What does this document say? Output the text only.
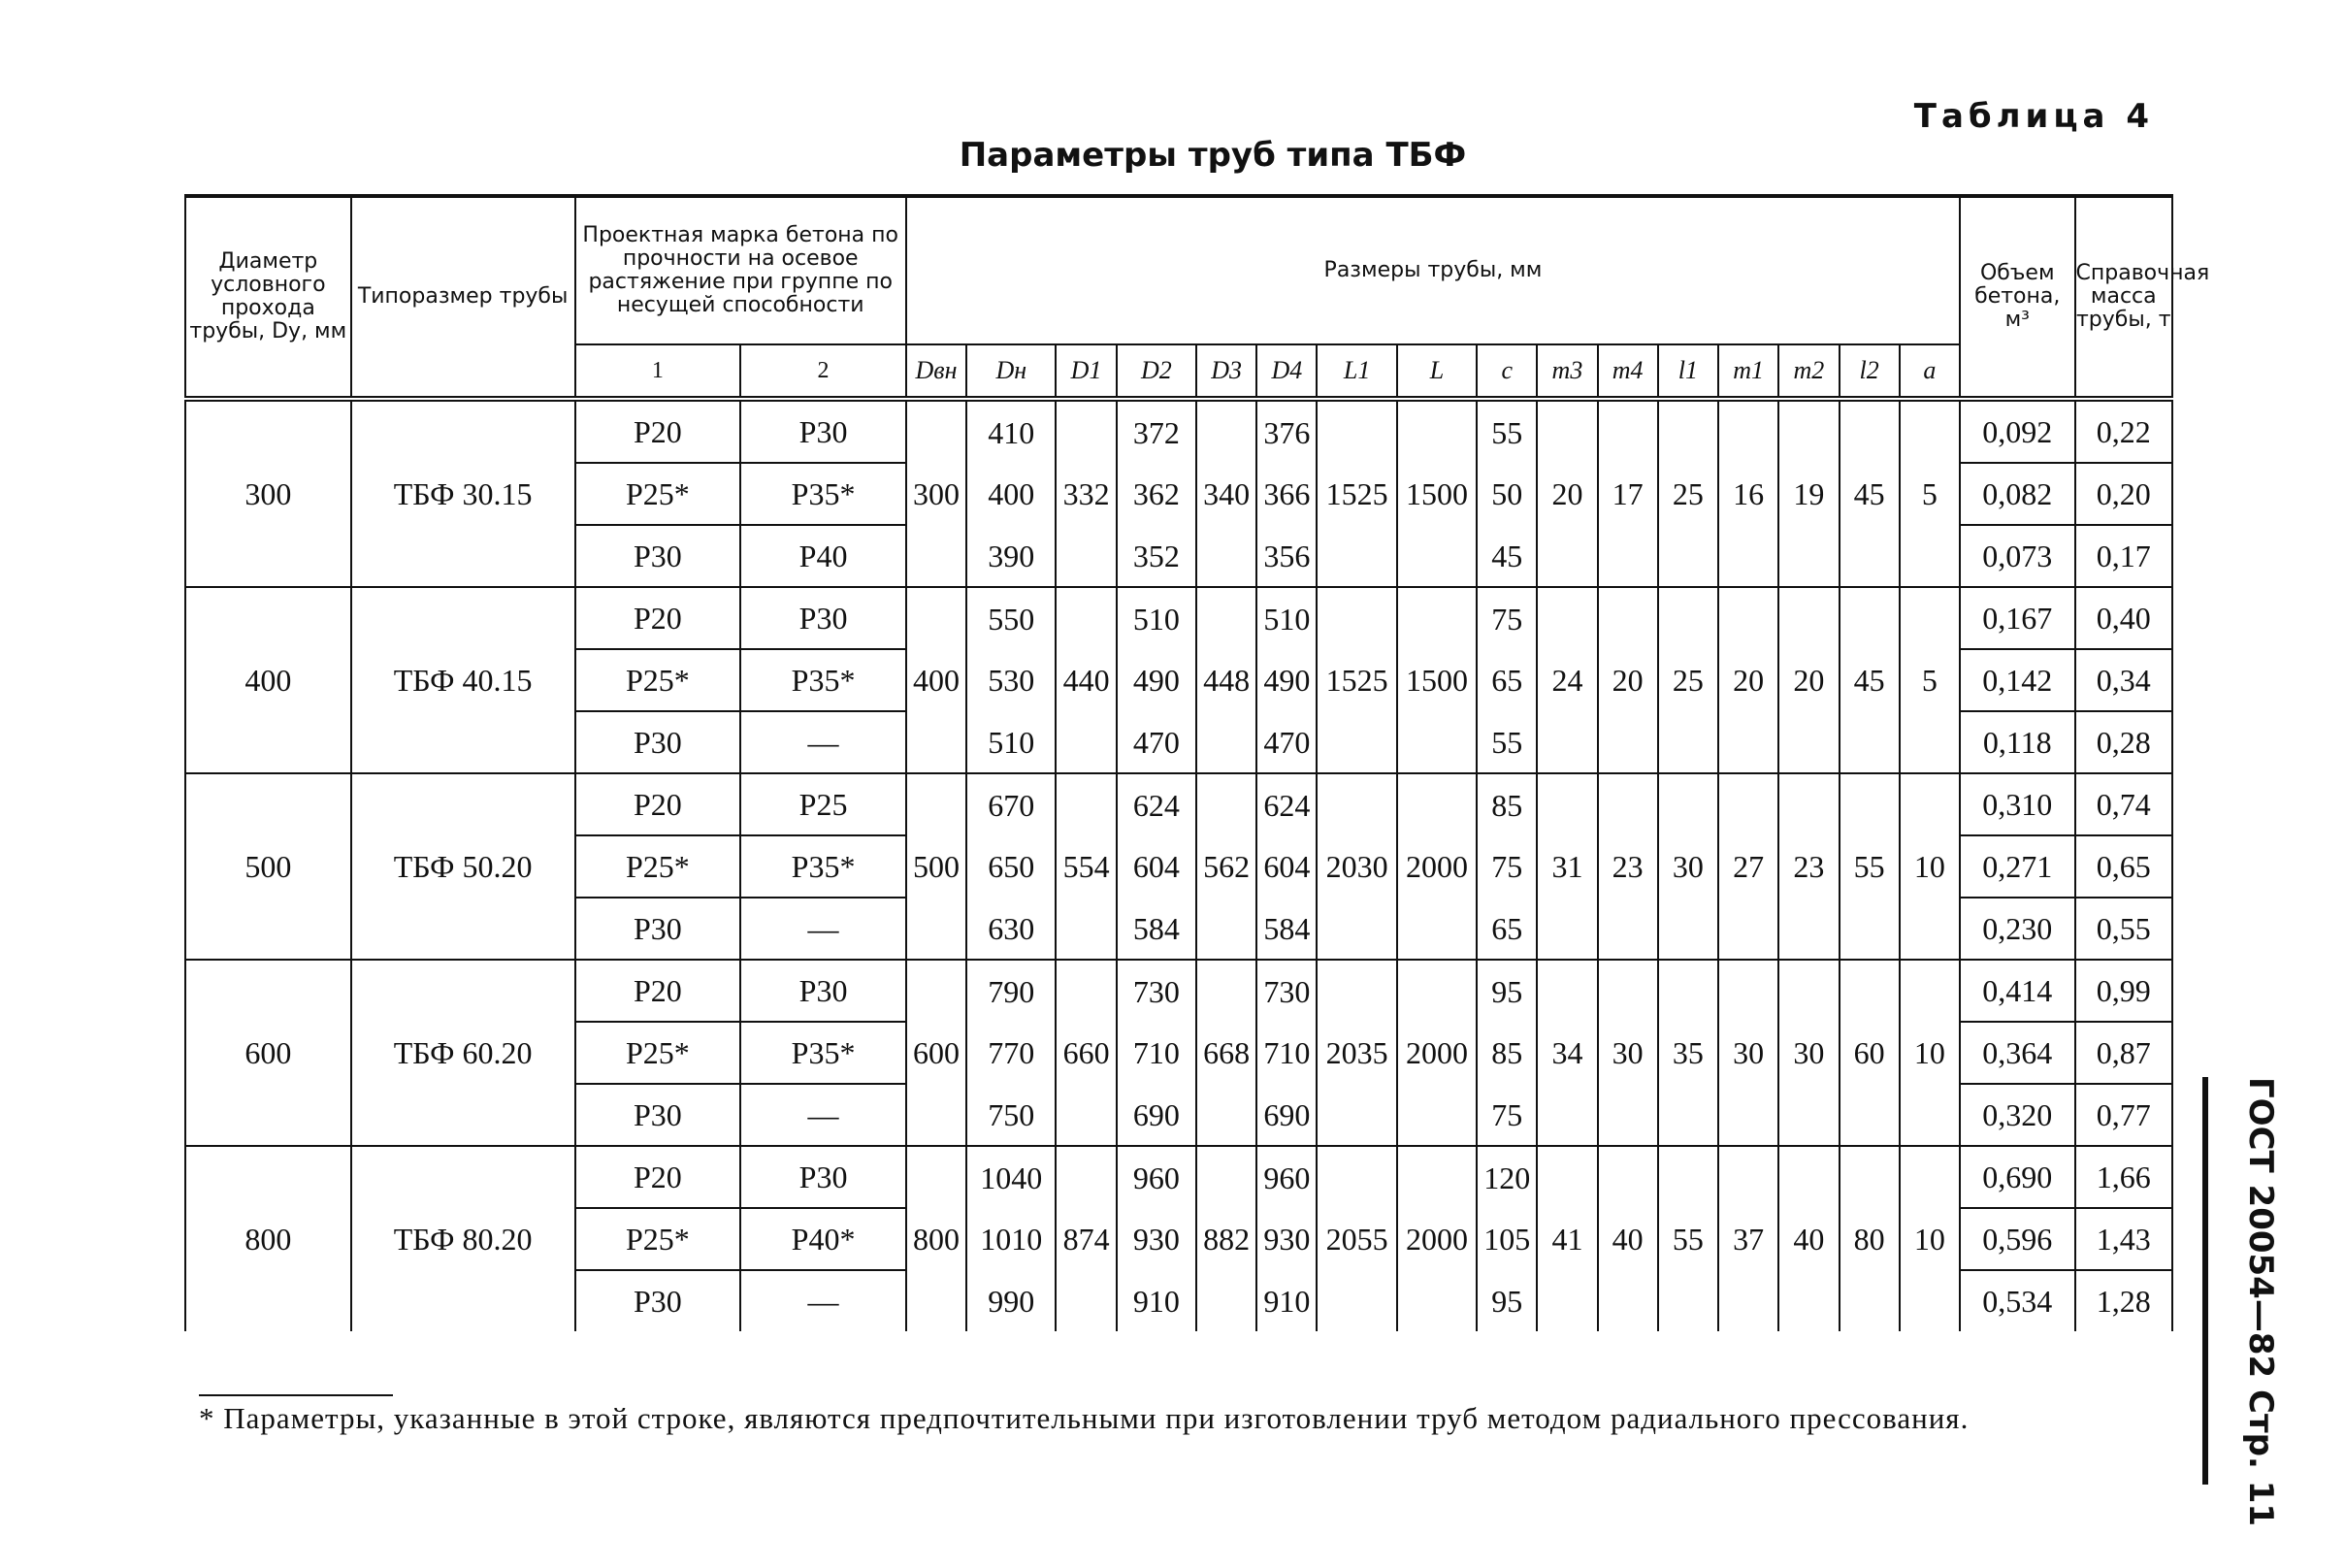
Таблица 4
Параметры труб типа ТБФ
Диаметр условного прохода трубы, Dу, мм	Типоразмер трубы	Проектная марка бетона по прочности на осевое растяжение при группе по несущей способности		Размеры трубы, мм																Объем бетона, м³	Справочная масса трубы, т
		1	2	Dвн	Dн	D1	D2	D3	D4	L1	L	c	m3	m4	l1	m1	m2	l2	a		
300	ТБФ 30.15	Р20	Р30	300	410	332	372	340	376	1525	1500	55	20	17	25	16	19	45	5	0,092	0,22
		Р25*	Р35*		400		362		366			50								0,082	0,20
		Р30	Р40		390		352		356			45								0,073	0,17
400	ТБФ 40.15	Р20	Р30	400	550	440	510	448	510	1525	1500	75	24	20	25	20	20	45	5	0,167	0,40
		Р25*	Р35*		530		490		490			65								0,142	0,34
		Р30	—		510		470		470			55								0,118	0,28
500	ТБФ 50.20	Р20	Р25	500	670	554	624	562	624	2030	2000	85	31	23	30	27	23	55	10	0,310	0,74
		Р25*	Р35*		650		604		604			75								0,271	0,65
		Р30	—		630		584		584			65								0,230	0,55
600	ТБФ 60.20	Р20	Р30	600	790	660	730	668	730	2035	2000	95	34	30	35	30	30	60	10	0,414	0,99
		Р25*	Р35*		770		710		710			85								0,364	0,87
		Р30	—		750		690		690			75								0,320	0,77
800	ТБФ 80.20	Р20	Р30	800	1040	874	960	882	960	2055	2000	120	41	40	55	37	40	80	10	0,690	1,66
		Р25*	Р40*		1010		930		930			105								0,596	1,43
		Р30	—		990		910		910			95								0,534	1,28
* Параметры, указанные в этой строке, являются предпочтительными при изготовлении труб методом радиального прессования.	ГОСТ 20054—82 Стр. 11
